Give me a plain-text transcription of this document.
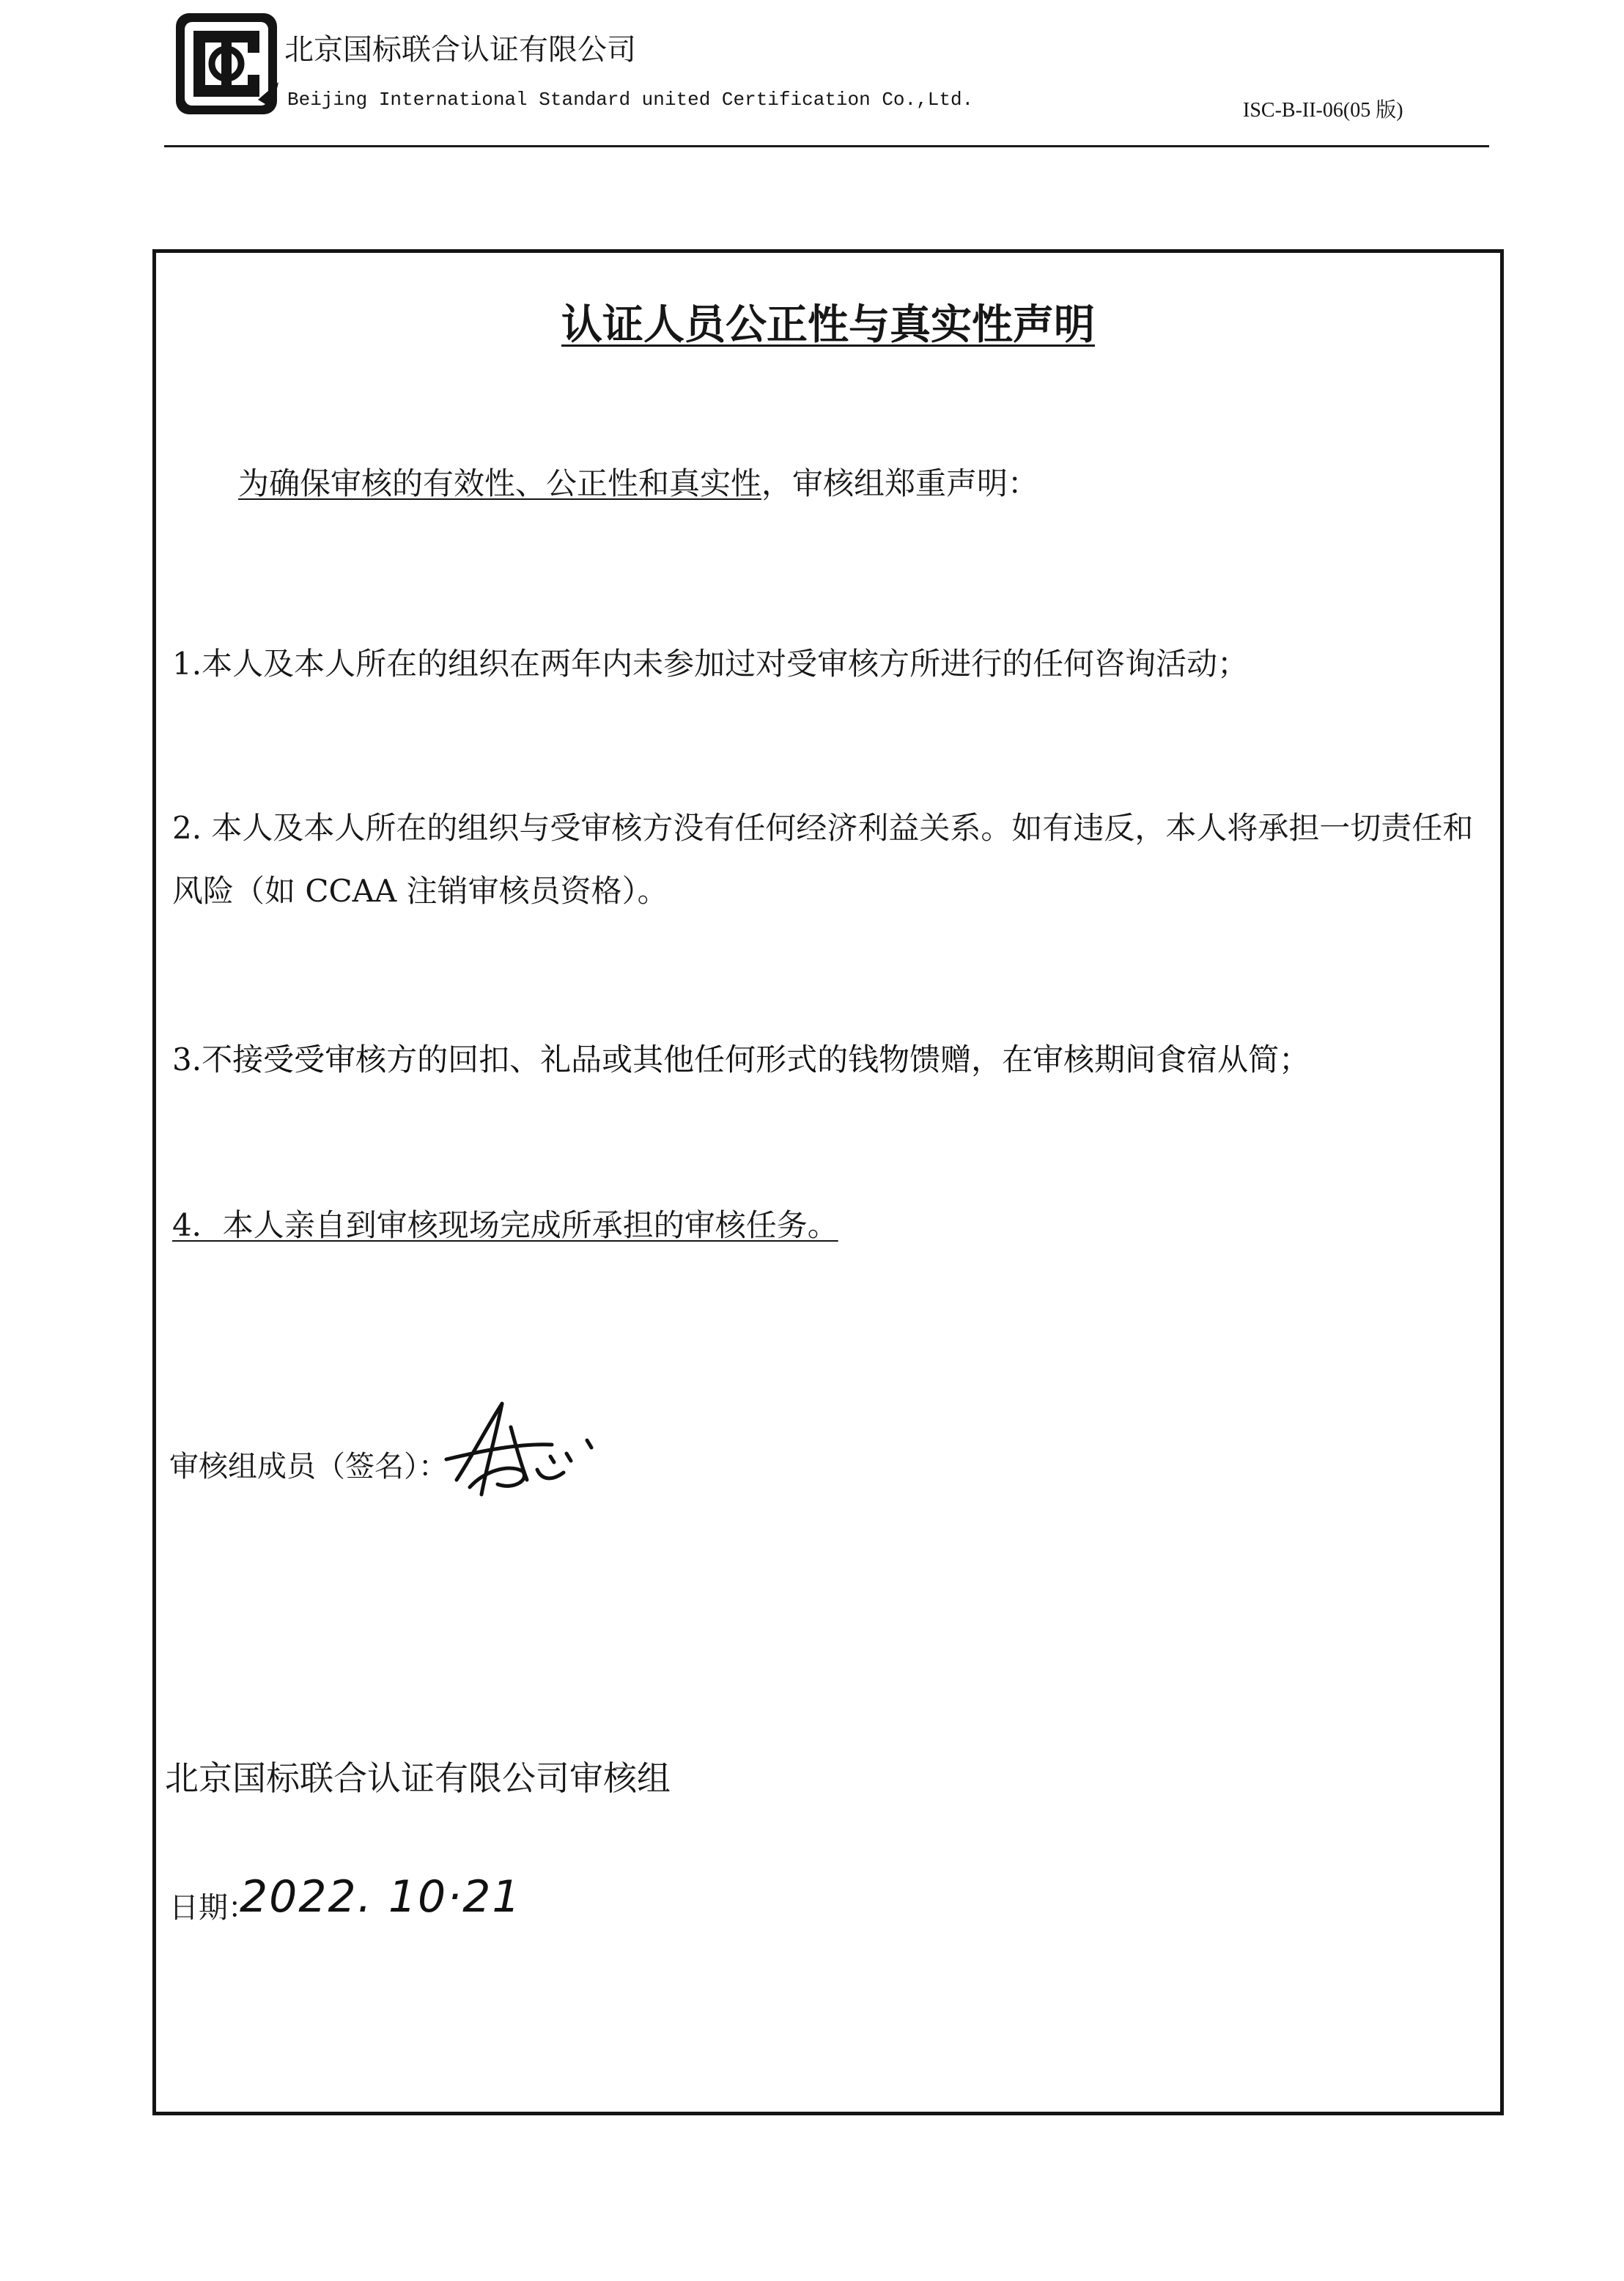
北京国标联合认证有限公司
Beijing International Standard united Certification Co.,Ltd.	ISC-B-II-06(05 版)
认证人员公正性与真实性声明
为确保审核的有效性、公正性和真实性，审核组郑重声明：
1.本人及本人所在的组织在两年内未参加过对受审核方所进行的任何咨询活动；
2. 本人及本人所在的组织与受审核方没有任何经济利益关系。如有违反，本人将承担一切责任和
风险（如 CCAA 注销审核员资格）。
3.不接受受审核方的回扣、礼品或其他任何形式的钱物馈赠，在审核期间食宿从简；
4．本人亲自到审核现场完成所承担的审核任务。
审核组成员（签名）：
北京国标联合认证有限公司审核组
日期：
2022. 10·21
